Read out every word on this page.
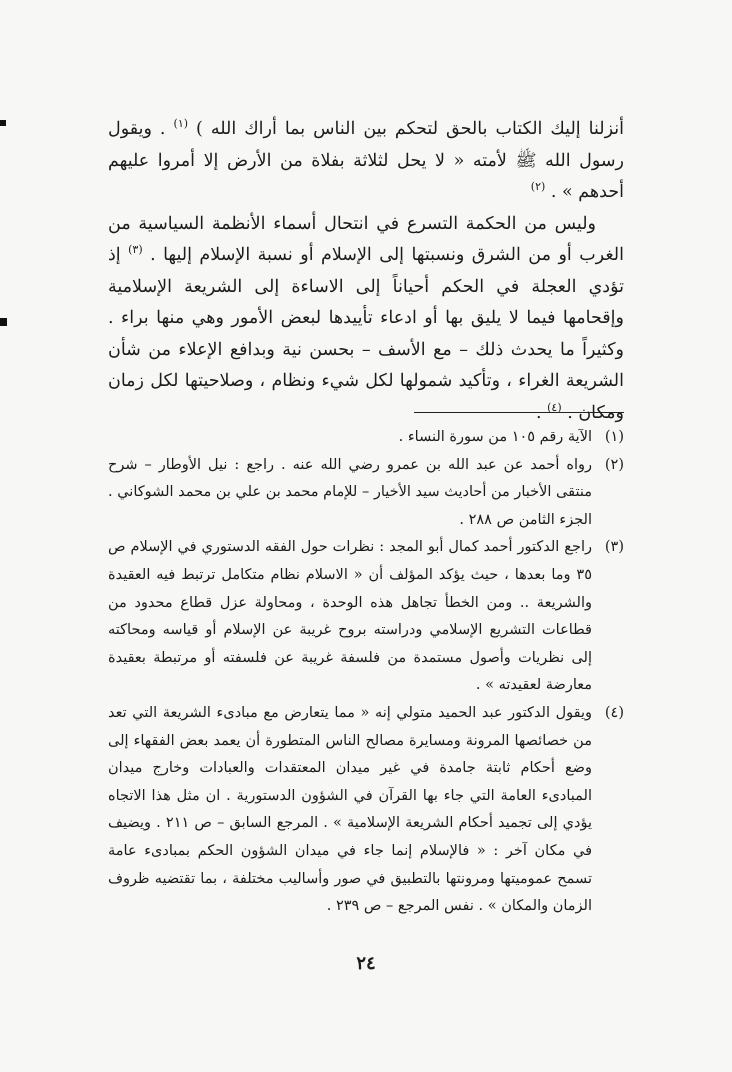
أنزلنا إليك الكتاب بالحق لتحكم بين الناس بما أراك الله ) $^{(١)}$ . ويقول رسول الله ﷺ لأمته « لا يحل لثلاثة بفلاة من الأرض إلا أمروا عليهم أحدهم » . $^{(٢)}$

وليس من الحكمة التسرع في انتحال أسماء الأنظمة السياسية من الغرب أو من الشرق ونسبتها إلى الإسلام أو نسبة الإسلام إليها . $^{(٣)}$ إذ تؤدي العجلة في الحكم أحياناً إلى الاساءة إلى الشريعة الإسلامية وإقحامها فيما لا يليق بها أو ادعاء تأييدها لبعض الأمور وهي منها براء . وكثيراً ما يحدث ذلك – مع الأسف – بحسن نية وبدافع الإعلاء من شأن الشريعة الغراء ، وتأكيد شمولها لكل شيء ونظام ، وصلاحيتها لكل زمان ومكان . $^{(٤)}$ .

(١)
الآية رقم ١٠٥ من سورة النساء .
(٢)
رواه أحمد عن عبد الله بن عمرو رضي الله عنه . راجع : نيل الأوطار – شرح منتقى الأخبار من أحاديث سيد الأخيار – للإمام محمد بن علي بن محمد الشوكاني . الجزء الثامن ص ٢٨٨ .
(٣)
راجع الدكتور أحمد كمال أبو المجد : نظرات حول الفقه الدستوري في الإسلام ص ٣٥ وما بعدها ، حيث يؤكد المؤلف أن « الاسلام نظام متكامل ترتبط فيه العقيدة والشريعة .. ومن الخطأ تجاهل هذه الوحدة ، ومحاولة عزل قطاع محدود من قطاعات التشريع الإسلامي ودراسته بروح غريبة عن الإسلام أو قياسه ومحاكته إلى نظريات وأصول مستمدة من فلسفة غريبة عن فلسفته أو مرتبطة بعقيدة معارضة لعقيدته » .
(٤)
ويقول الدكتور عبد الحميد متولي إنه « مما يتعارض مع مبادىء الشريعة التي تعد من خصائصها المرونة ومسايرة مصالح الناس المتطورة أن يعمد بعض الفقهاء إلى وضع أحكام ثابتة جامدة في غير ميدان المعتقدات والعبادات وخارج ميدان المبادىء العامة التي جاء بها القرآن في الشؤون الدستورية . ان مثل هذا الاتجاه يؤدي إلى تجميد أحكام الشريعة الإسلامية » . المرجع السابق – ص ٢١١ . ويضيف في مكان آخر : « فالإسلام إنما جاء في ميدان الشؤون الحكم بمبادىء عامة تسمح عموميتها ومرونتها بالتطبيق في صور وأساليب مختلفة ، بما تقتضيه ظروف الزمان والمكان » . نفس المرجع – ص ٢٣٩ .
٢٤
